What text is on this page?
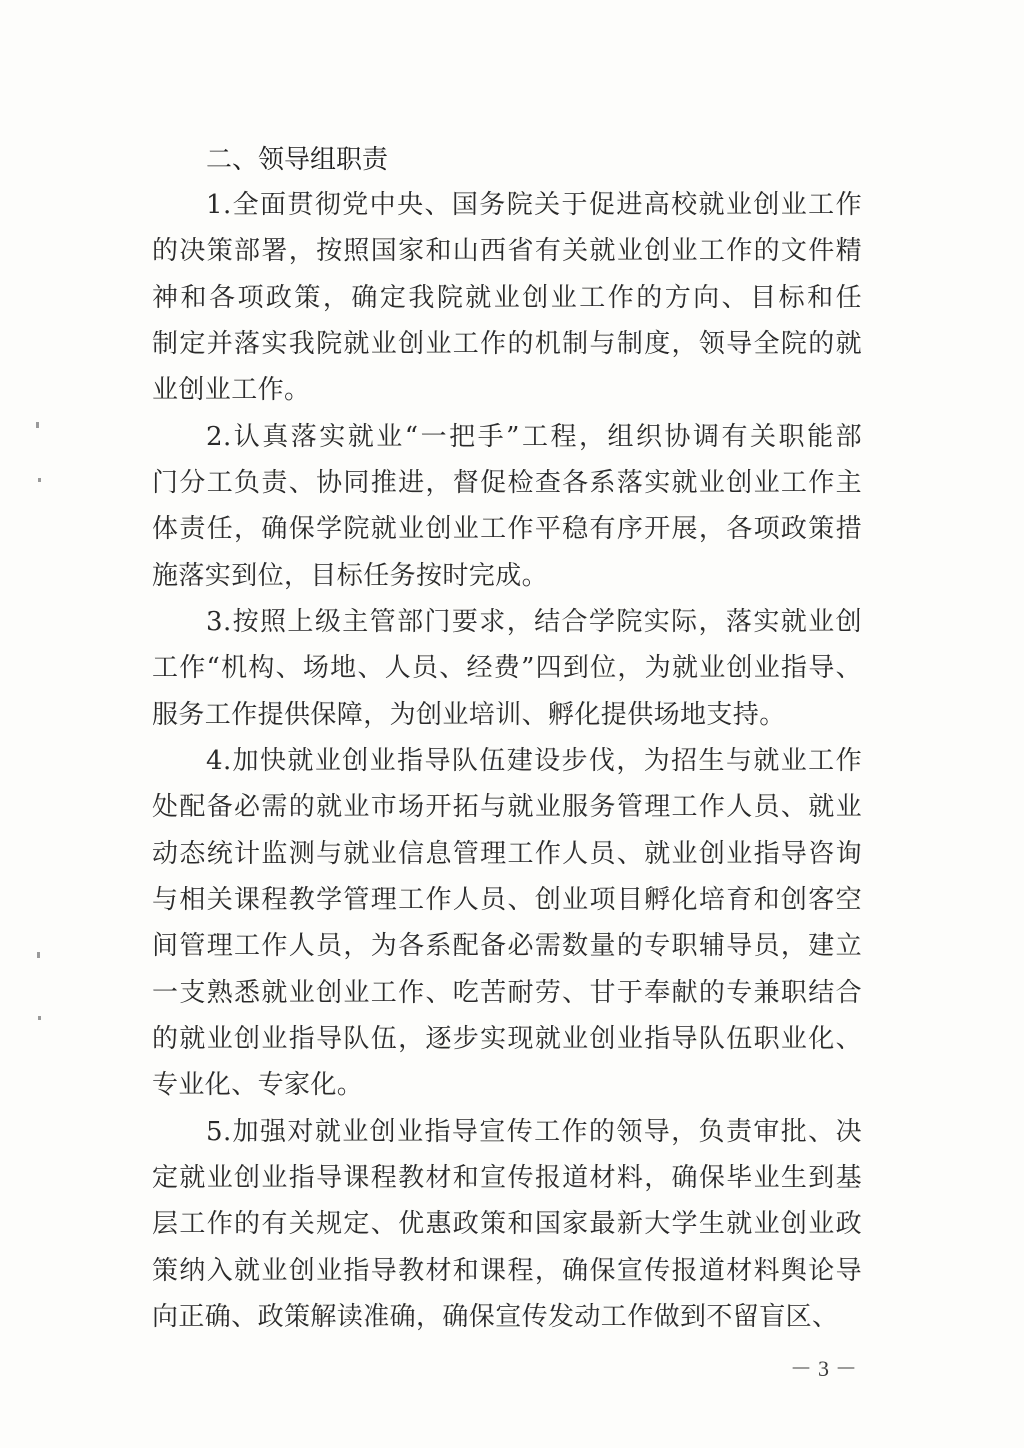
二、领导组职责
1.全面贯彻党中央、国务院关于促进高校就业创业工作
的决策部署，按照国家和山西省有关就业创业工作的文件精
神和各项政策，确定我院就业创业工作的方向、目标和任
制定并落实我院就业创业工作的机制与制度，领导全院的就
业创业工作。
2.认真落实就业“一把手”工程，组织协调有关职能部
门分工负责、协同推进，督促检查各系落实就业创业工作主
体责任，确保学院就业创业工作平稳有序开展，各项政策措
施落实到位，目标任务按时完成。
3.按照上级主管部门要求，结合学院实际，落实就业创
工作“机构、场地、人员、经费”四到位，为就业创业指导、
服务工作提供保障，为创业培训、孵化提供场地支持。
4.加快就业创业指导队伍建设步伐，为招生与就业工作
处配备必需的就业市场开拓与就业服务管理工作人员、就业
动态统计监测与就业信息管理工作人员、就业创业指导咨询
与相关课程教学管理工作人员、创业项目孵化培育和创客空
间管理工作人员，为各系配备必需数量的专职辅导员，建立
一支熟悉就业创业工作、吃苦耐劳、甘于奉献的专兼职结合
的就业创业指导队伍，逐步实现就业创业指导队伍职业化、
专业化、专家化。
5.加强对就业创业指导宣传工作的领导，负责审批、决
定就业创业指导课程教材和宣传报道材料，确保毕业生到基
层工作的有关规定、优惠政策和国家最新大学生就业创业政
策纳入就业创业指导教材和课程，确保宣传报道材料舆论导
向正确、政策解读准确，确保宣传发动工作做到不留盲区、
－3－
